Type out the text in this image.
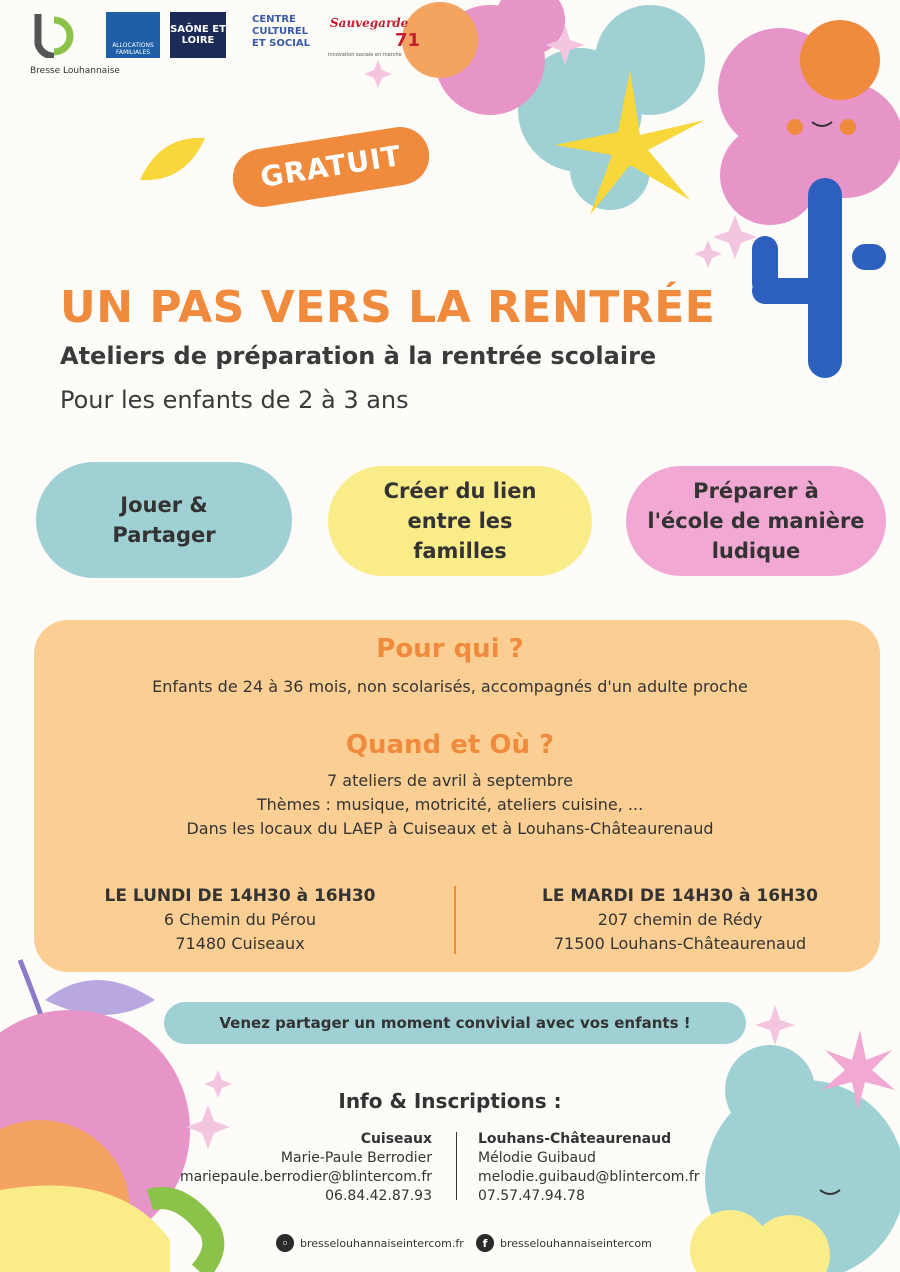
Bresse Louhannaise
ALLOCATIONS FAMILIALES
SAÔNE ET LOIRE
CENTRE
CULTUREL
ET SOCIAL
Sauvegarde
71
innovation sociale en marche
GRATUIT
UN PAS VERS LA RENTRÉE
Ateliers de préparation à la rentrée scolaire
Pour les enfants de 2 à 3 ans
Jouer &
Partager
Créer du lien
entre les
familles
Préparer à
l'école de manière
ludique
Pour qui ?
Enfants de 24 à 36 mois, non scolarisés, accompagnés d'un adulte proche
Quand et Où ?
7 ateliers de avril à septembre
Thèmes : musique, motricité, ateliers cuisine, ...
Dans les locaux du LAEP à Cuiseaux et à Louhans-Châteaurenaud
LE LUNDI DE 14H30 à 16H30
6 Chemin du Pérou
71480 Cuiseaux
LE MARDI DE 14H30 à 16H30
207 chemin de Rédy
71500 Louhans-Châteaurenaud
Venez partager un moment convivial avec vos enfants !
Info & Inscriptions :
Cuiseaux
Marie-Paule Berrodier
mariepaule.berrodier@blintercom.fr
06.84.42.87.93
Louhans-Châteaurenaud
Mélodie Guibaud
melodie.guibaud@blintercom.fr
07.57.47.94.78
◦	bresselouhannaiseintercom.fr	f	bresselouhannaiseintercom
